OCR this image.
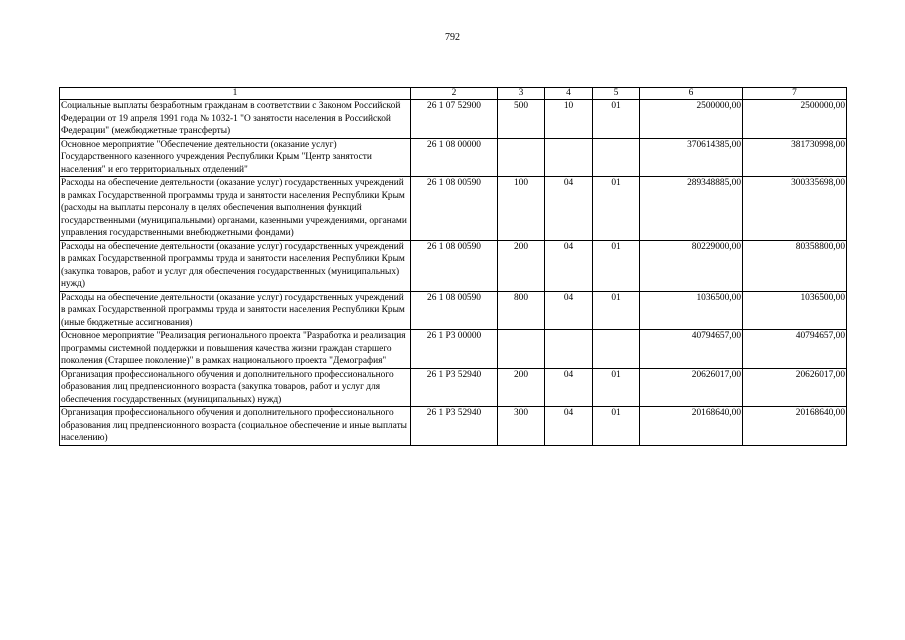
792
1	2	3	4	5	6	7
Социальные выплаты безработным гражданам в соответствии с Законом Российской Федерации от 19 апреля 1991 года № 1032-1 "О занятости населения в Российской Федерации" (межбюджетные трансферты)	26 1 07 52900	500	10	01	2500000,00	2500000,00
Основное мероприятие "Обеспечение деятельности (оказание услуг) Государственного казенного учреждения Республики Крым "Центр занятости населения" и его территориальных отделений"	26 1 08 00000				370614385,00	381730998,00
Расходы на обеспечение деятельности (оказание услуг) государственных учреждений в рамках Государственной программы труда и занятости населения Республики Крым (расходы на выплаты персоналу в целях обеспечения выполнения функций государственными (муниципальными) органами, казенными учреждениями, органами управления государственными внебюджетными фондами)	26 1 08 00590	100	04	01	289348885,00	300335698,00
Расходы на обеспечение деятельности (оказание услуг) государственных учреждений в рамках Государственной программы труда и занятости населения Республики Крым (закупка товаров, работ и услуг для обеспечения государственных (муниципальных) нужд)	26 1 08 00590	200	04	01	80229000,00	80358800,00
Расходы на обеспечение деятельности (оказание услуг) государственных учреждений в рамках Государственной программы труда и занятости населения Республики Крым (иные бюджетные ассигнования)	26 1 08 00590	800	04	01	1036500,00	1036500,00
Основное мероприятие "Реализация регионального проекта "Разработка и реализация программы системной поддержки и повышения качества жизни граждан старшего поколения (Старшее поколение)" в рамках национального проекта "Демография"	26 1 P3 00000				40794657,00	40794657,00
Организация профессионального обучения и дополнительного профессионального образования лиц предпенсионного возраста (закупка товаров, работ и услуг для обеспечения государственных (муниципальных) нужд)	26 1 P3 52940	200	04	01	20626017,00	20626017,00
Организация профессионального обучения и дополнительного профессионального образования лиц предпенсионного возраста (социальное обеспечение и иные выплаты населению)	26 1 P3 52940	300	04	01	20168640,00	20168640,00
